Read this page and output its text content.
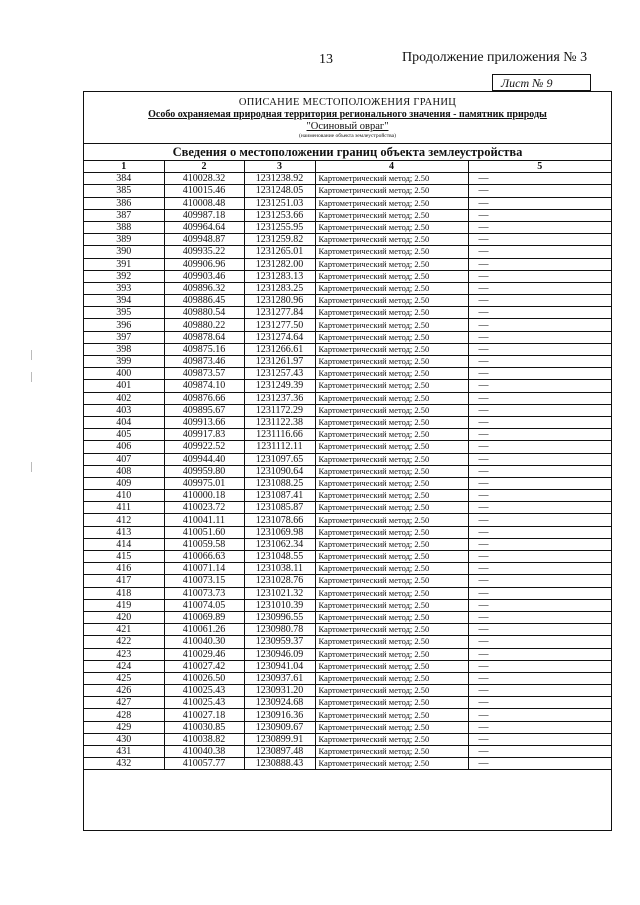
13	Продолжение приложения № 3
Лист № 9
ОПИСАНИЕ МЕСТОПОЛОЖЕНИЯ ГРАНИЦ
Особо охраняемая природная территория регионального значения - памятник природы
"Осиновый овраг"
(наименование объекта землеустройства)
Сведения о местоположении границ объекта землеустройства
1	2	3	4	5
384	410028.32	1231238.92	Картометрический метод; 2.50	—
385	410015.46	1231248.05	Картометрический метод; 2.50	—
386	410008.48	1231251.03	Картометрический метод; 2.50	—
387	409987.18	1231253.66	Картометрический метод; 2.50	—
388	409964.64	1231255.95	Картометрический метод; 2.50	—
389	409948.87	1231259.82	Картометрический метод; 2.50	—
390	409935.22	1231265.01	Картометрический метод; 2.50	—
391	409906.96	1231282.00	Картометрический метод; 2.50	—
392	409903.46	1231283.13	Картометрический метод; 2.50	—
393	409896.32	1231283.25	Картометрический метод; 2.50	—
394	409886.45	1231280.96	Картометрический метод; 2.50	—
395	409880.54	1231277.84	Картометрический метод; 2.50	—
396	409880.22	1231277.50	Картометрический метод; 2.50	—
397	409878.64	1231274.64	Картометрический метод; 2.50	—
398	409875.16	1231266.61	Картометрический метод; 2.50	—
399	409873.46	1231261.97	Картометрический метод; 2.50	—
400	409873.57	1231257.43	Картометрический метод; 2.50	—
401	409874.10	1231249.39	Картометрический метод; 2.50	—
402	409876.66	1231237.36	Картометрический метод; 2.50	—
403	409895.67	1231172.29	Картометрический метод; 2.50	—
404	409913.66	1231122.38	Картометрический метод; 2.50	—
405	409917.83	1231116.66	Картометрический метод; 2.50	—
406	409922.52	1231112.11	Картометрический метод; 2.50	—
407	409944.40	1231097.65	Картометрический метод; 2.50	—
408	409959.80	1231090.64	Картометрический метод; 2.50	—
409	409975.01	1231088.25	Картометрический метод; 2.50	—
410	410000.18	1231087.41	Картометрический метод; 2.50	—
411	410023.72	1231085.87	Картометрический метод; 2.50	—
412	410041.11	1231078.66	Картометрический метод; 2.50	—
413	410051.60	1231069.98	Картометрический метод; 2.50	—
414	410059.58	1231062.34	Картометрический метод; 2.50	—
415	410066.63	1231048.55	Картометрический метод; 2.50	—
416	410071.14	1231038.11	Картометрический метод; 2.50	—
417	410073.15	1231028.76	Картометрический метод; 2.50	—
418	410073.73	1231021.32	Картометрический метод; 2.50	—
419	410074.05	1231010.39	Картометрический метод; 2.50	—
420	410069.89	1230996.55	Картометрический метод; 2.50	—
421	410061.26	1230980.78	Картометрический метод; 2.50	—
422	410040.30	1230959.37	Картометрический метод; 2.50	—
423	410029.46	1230946.09	Картометрический метод; 2.50	—
424	410027.42	1230941.04	Картометрический метод; 2.50	—
425	410026.50	1230937.61	Картометрический метод; 2.50	—
426	410025.43	1230931.20	Картометрический метод; 2.50	—
427	410025.43	1230924.68	Картометрический метод; 2.50	—
428	410027.18	1230916.36	Картометрический метод; 2.50	—
429	410030.85	1230909.67	Картометрический метод; 2.50	—
430	410038.82	1230899.91	Картометрический метод; 2.50	—
431	410040.38	1230897.48	Картометрический метод; 2.50	—
432	410057.77	1230888.43	Картометрический метод; 2.50	—
